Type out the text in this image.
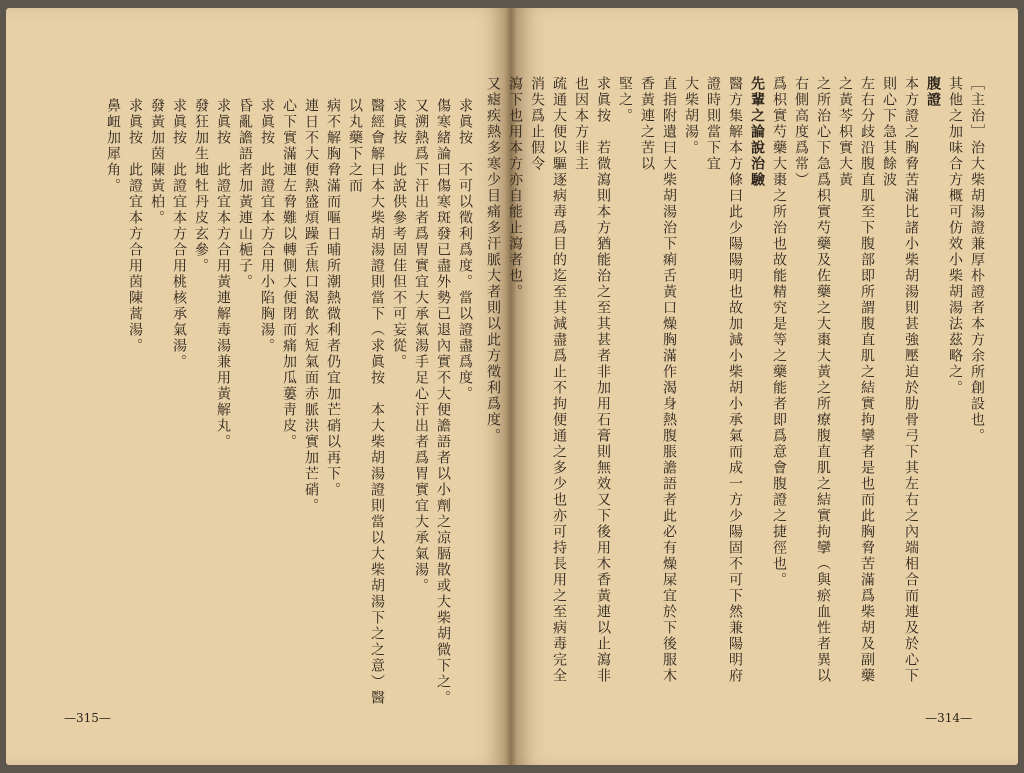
求眞按　不可以徵利爲度。當以證盡爲度。

傷寒緒論曰傷寒斑發已盡外勢已退內實不大便譫語者以小劑之凉膈散或大柴胡微下之。

又溯熱爲下汗出者爲胃實宜大承氣湯手足心汗出者爲胃實宜大承氣湯。

求眞按　此說供參考固佳但不可妄從。

醫經會解曰本大柴胡湯證則當下（求眞按　本大柴胡湯證則當以大柴胡湯下之之意）醫以丸藥下之而

病不解胸脅滿而嘔日晡所潮熱微利者仍宜加芒硝以再下。

連日不大便熱盛煩躁舌焦口渴飲水短氣面赤脈洪實加芒硝。

心下實滿連左脅難以轉側大便閉而痛加瓜蔞靑皮。

求眞按　此證宜本方合用小陷胸湯。

昏亂譫語者加黃連山梔子。

求眞按　此證宜本方合用黃連解毒湯兼用黃解丸。

發狂加生地牡丹皮玄參。

求眞按　此證宜本方合用桃核承氣湯。

發黃加茵陳黃柏。

求眞按　此證宜本方合用茵陳蒿湯。

鼻衄加犀角。

—315—

［主治］治大柴胡湯證兼厚朴證者本方余所創設也。

其他之加味合方概可仿效小柴胡湯法茲略之。

腹證

本方證之胸脅苦滿比諸小柴胡湯則甚強壓迫於肋骨弓下其左右之內端相合而連及於心下則心下急其餘波

左右分歧沿腹直肌至下腹部即所謂腹直肌之結實拘攣者是也而此胸脅苦滿爲柴胡及副藥之黃芩枳實大黃

之所治心下急爲枳實芍藥及佐藥之大棗大黃之所療腹直肌之結實拘攣（與瘀血性者異以右側高度爲常）

爲枳實芍藥大棗之所治也故能精究是等之藥能者即爲意會腹證之捷徑也。

先輩之論說治驗

醫方集解本方條曰此少陽陽明也故加減小柴胡小承氣而成一方少陽固不可下然兼陽明府證時則當下宜

大柴胡湯。

直指附遺曰大柴胡湯治下痢舌黃口燥胸滿作渴身熱腹脹譫語者此必有燥屎宜於下後服木香黃連之苦以

堅之。

求眞按　若微瀉則本方猶能治之至其甚者非加用石膏則無效又下後用木香黃連以止瀉非也因本方非主

疏通大便以驅逐病毒爲目的迄至其減盡爲止不拘便通之多少也亦可持長用之至病毒完全消失爲止假令

瀉下也用本方亦自能止瀉者也。

又瘧疾熱多寒少目痛多汗脈大者則以此方徵利爲度。

—314—
